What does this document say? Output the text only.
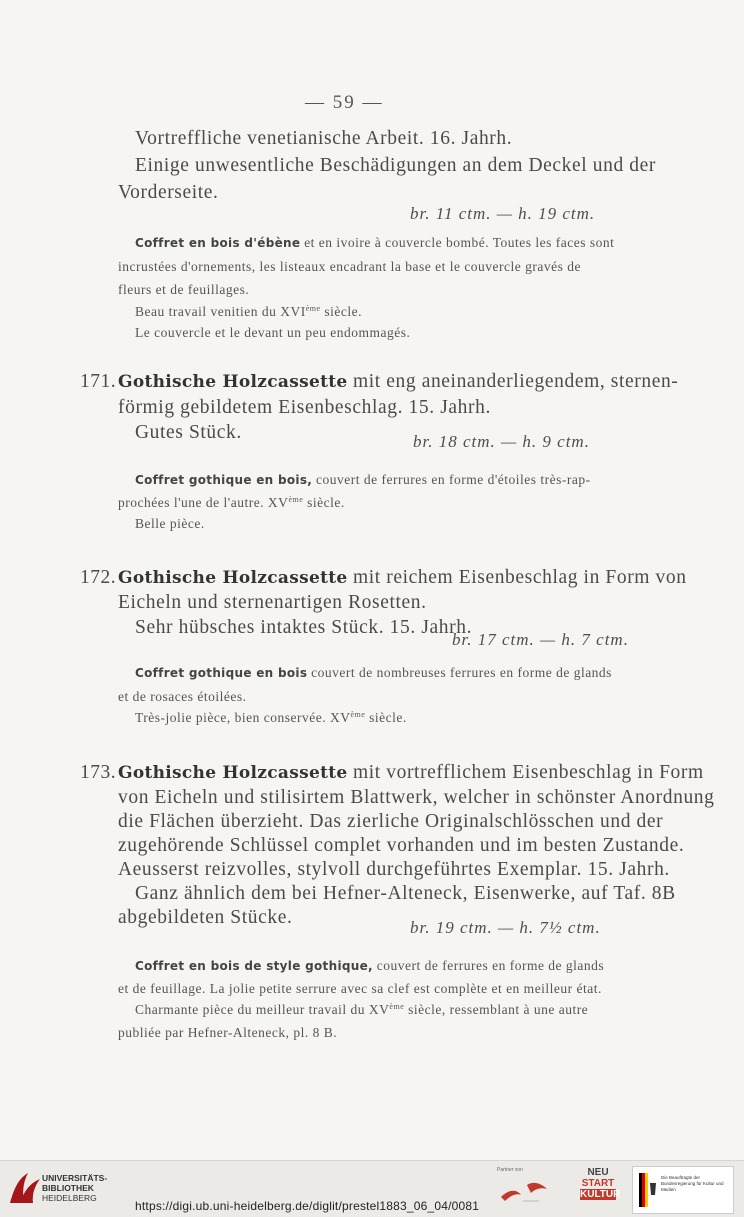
— 59 —
Vortreffliche venetianische Arbeit. 16. Jahrh.
Einige unwesentliche Beschädigungen an dem Deckel und der
Vorderseite.
br. 11 ctm. — h. 19 ctm.
Coffret en bois d'ébène et en ivoire à couvercle bombé. Toutes les faces sont
incrustées d'ornements, les listeaux encadrant la base et le couvercle gravés de
fleurs et de feuillages.
Beau travail venitien du XVIème siècle.
Le couvercle et le devant un peu endommagés.
171. Gothische Holzcassette mit eng aneinanderliegendem, sternen-
förmig gebildetem Eisenbeschlag. 15. Jahrh.
Gutes Stück.	br. 18 ctm. — h. 9 ctm.
Coffret gothique en bois, couvert de ferrures en forme d'étoiles très-rap-
prochées l'une de l'autre. XVème siècle.
Belle pièce.
172. Gothische Holzcassette mit reichem Eisenbeschlag in Form von
Eicheln und sternenartigen Rosetten.
Sehr hübsches intaktes Stück. 15. Jahrh.
br. 17 ctm. — h. 7 ctm.
Coffret gothique en bois couvert de nombreuses ferrures en forme de glands
et de rosaces étoilées.
Très-jolie pièce, bien conservée. XVème siècle.
173. Gothische Holzcassette mit vortrefflichem Eisenbeschlag in Form
von Eicheln und stilisirtem Blattwerk, welcher in schönster Anordnung
die Flächen überzieht. Das zierliche Originalschlösschen und der
zugehörende Schlüssel complet vorhanden und im besten Zustande.
Aeusserst reizvolles, stylvoll durchgeführtes Exemplar. 15. Jahrh.
Ganz ähnlich dem bei Hefner-Alteneck, Eisenwerke, auf Taf. 8B
abgebildeten Stücke.	br. 19 ctm. — h. 7½ ctm.
Coffret en bois de style gothique, couvert de ferrures en forme de glands
et de feuillage. La jolie petite serrure avec sa clef est complète et en meilleur état.
Charmante pièce du meilleur travail du XVème siècle, ressemblant à une autre
publiée par Hefner-Alteneck, pl. 8 B.
UNIVERSITÄTS-
BIBLIOTHEK
HEIDELBERG
Partner von	NEU
START
KULTUR
Die Beauftragte der Bundesregierung für Kultur und Medien
https://digi.ub.uni-heidelberg.de/diglit/prestel1883_06_04/0081
